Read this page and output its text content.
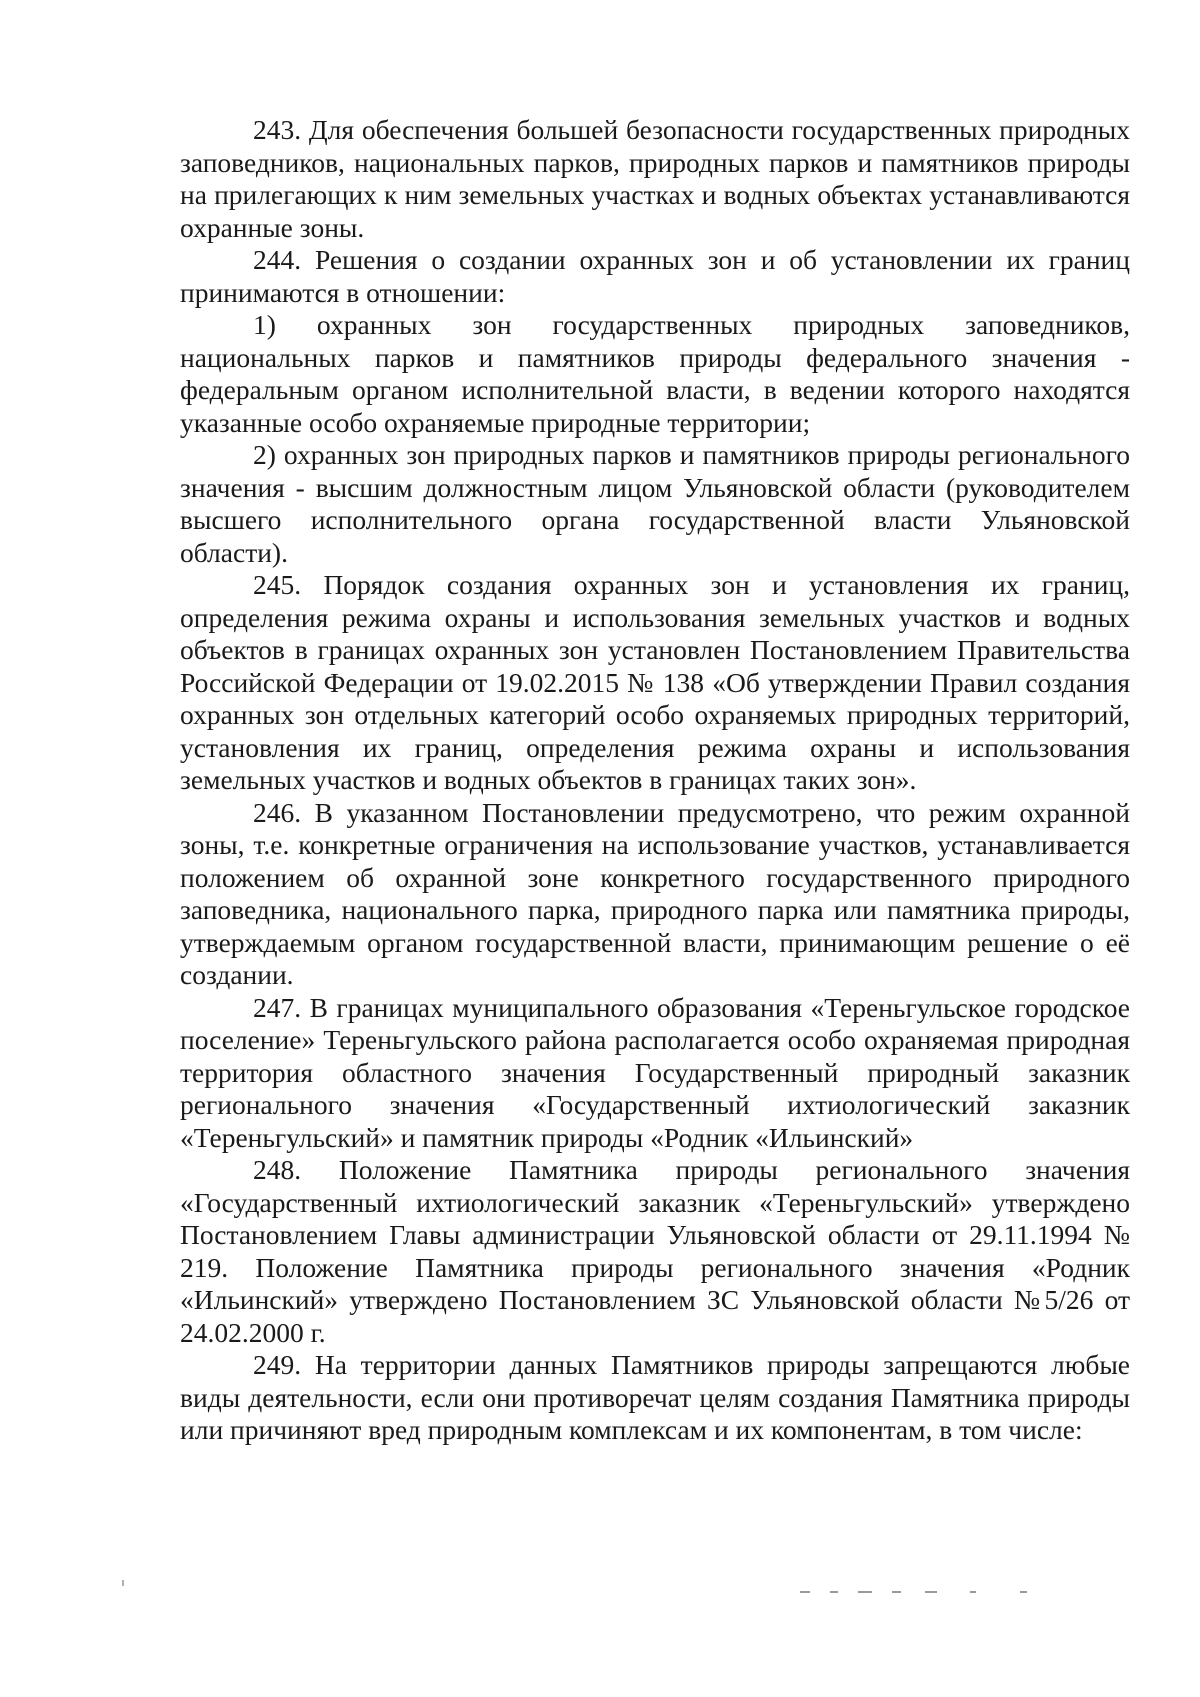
243. Для обеспечения большей безопасности государственных природных заповедников, национальных парков, природных парков и памятников природы на прилегающих к ним земельных участках и водных объектах устанавливаются охранные зоны.

244. Решения о создании охранных зон и об установлении их границ принимаются в отношении:

1) охранных зон государственных природных заповедников, национальных парков и памятников природы федерального значения - федеральным органом исполнительной власти, в ведении которого находятся указанные особо охраняемые природные территории;

2) охранных зон природных парков и памятников природы регионального значения - высшим должностным лицом Ульяновской области (руководителем высшего исполнительного органа государственной власти Ульяновской области).

245. Порядок создания охранных зон и установления их границ, определения режима охраны и использования земельных участков и водных объектов в границах охранных зон установлен Постановлением Правительства Российской Федерации от 19.02.2015 № 138 «Об утверждении Правил создания охранных зон отдельных категорий особо охраняемых природных территорий, установления их границ, определения режима охраны и использования земельных участков и водных объектов в границах таких зон».

246. В указанном Постановлении предусмотрено, что режим охранной зоны, т.е. конкретные ограничения на использование участков, устанавливается положением об охранной зоне конкретного государственного природного заповедника, национального парка, природного парка или памятника природы, утверждаемым органом государственной власти, принимающим решение о её создании.

247. В границах муниципального образования «Тереньгульское городское поселение» Тереньгульского района располагается особо охраняемая природная территория областного значения Государственный природный заказник регионального значения «Государственный ихтиологический заказник «Тереньгульский» и памятник природы «Родник «Ильинский»

248. Положение Памятника природы регионального значения «Государственный ихтиологический заказник «Тереньгульский» утверждено Постановлением Главы администрации Ульяновской области от 29.11.1994 № 219. Положение Памятника природы регионального значения «Родник «Ильинский» утверждено Постановлением ЗС Ульяновской области №5/26 от 24.02.2000 г.

249. На территории данных Памятников природы запрещаются любые виды деятельности, если они противоречат целям создания Памятника природы или причиняют вред природным комплексам и их компонентам, в том числе:
